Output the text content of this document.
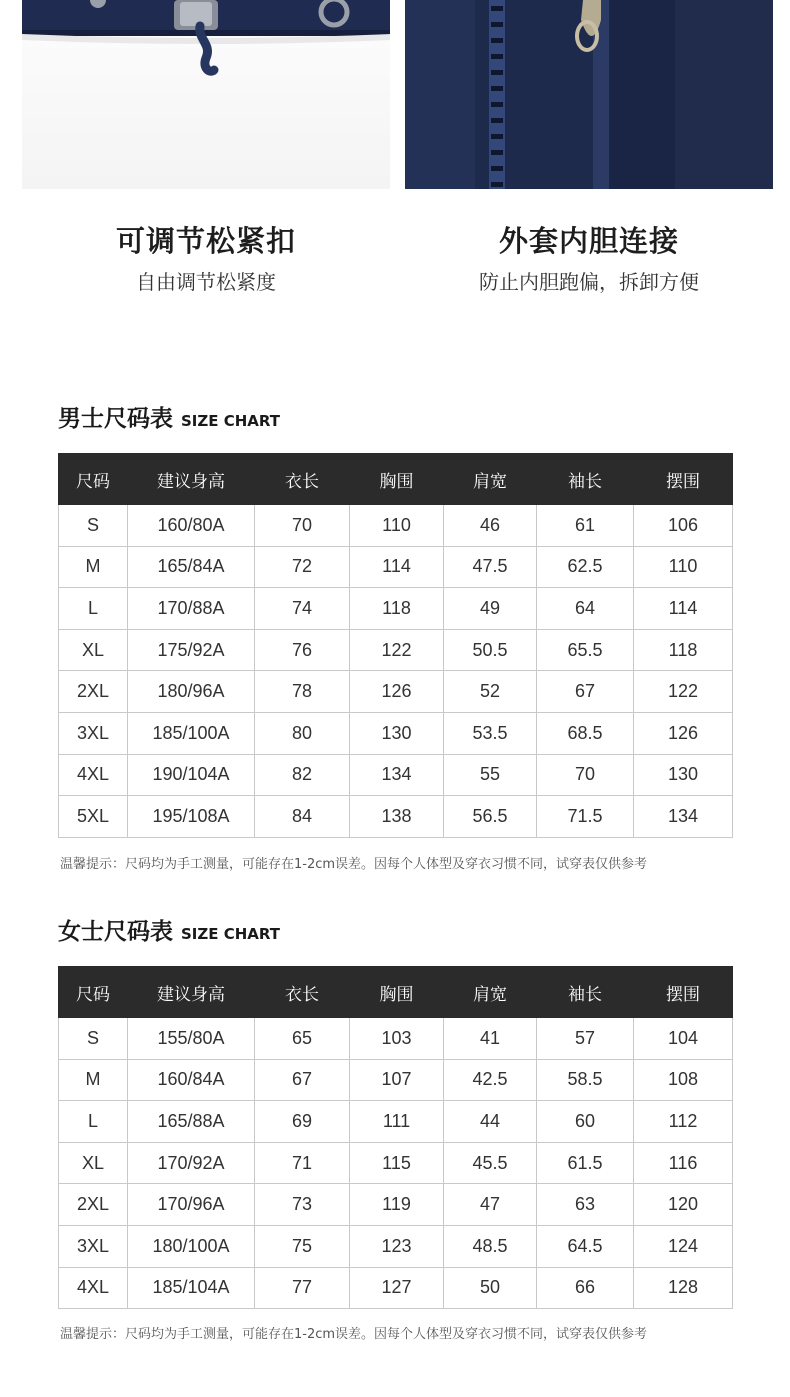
可调节松紧扣

自由调节松紧度

外套内胆连接

防止内胆跑偏，拆卸方便

男士尺码表 SIZE CHART
尺码	建议身高	衣长	胸围	肩宽	袖长	摆围
S	160/80A	70	110	46	61	106
M	165/84A	72	114	47.5	62.5	110
L	170/88A	74	118	49	64	114
XL	175/92A	76	122	50.5	65.5	118
2XL	180/96A	78	126	52	67	122
3XL	185/100A	80	130	53.5	68.5	126
4XL	190/104A	82	134	55	70	130
5XL	195/108A	84	138	56.5	71.5	134
温馨提示：尺码均为手工测量，可能存在1-2cm误差。因每个人体型及穿衣习惯不同，试穿表仅供参考
女士尺码表 SIZE CHART
尺码	建议身高	衣长	胸围	肩宽	袖长	摆围
S	155/80A	65	103	41	57	104
M	160/84A	67	107	42.5	58.5	108
L	165/88A	69	111	44	60	112
XL	170/92A	71	115	45.5	61.5	116
2XL	170/96A	73	119	47	63	120
3XL	180/100A	75	123	48.5	64.5	124
4XL	185/104A	77	127	50	66	128
温馨提示：尺码均为手工测量，可能存在1-2cm误差。因每个人体型及穿衣习惯不同，试穿表仅供参考
